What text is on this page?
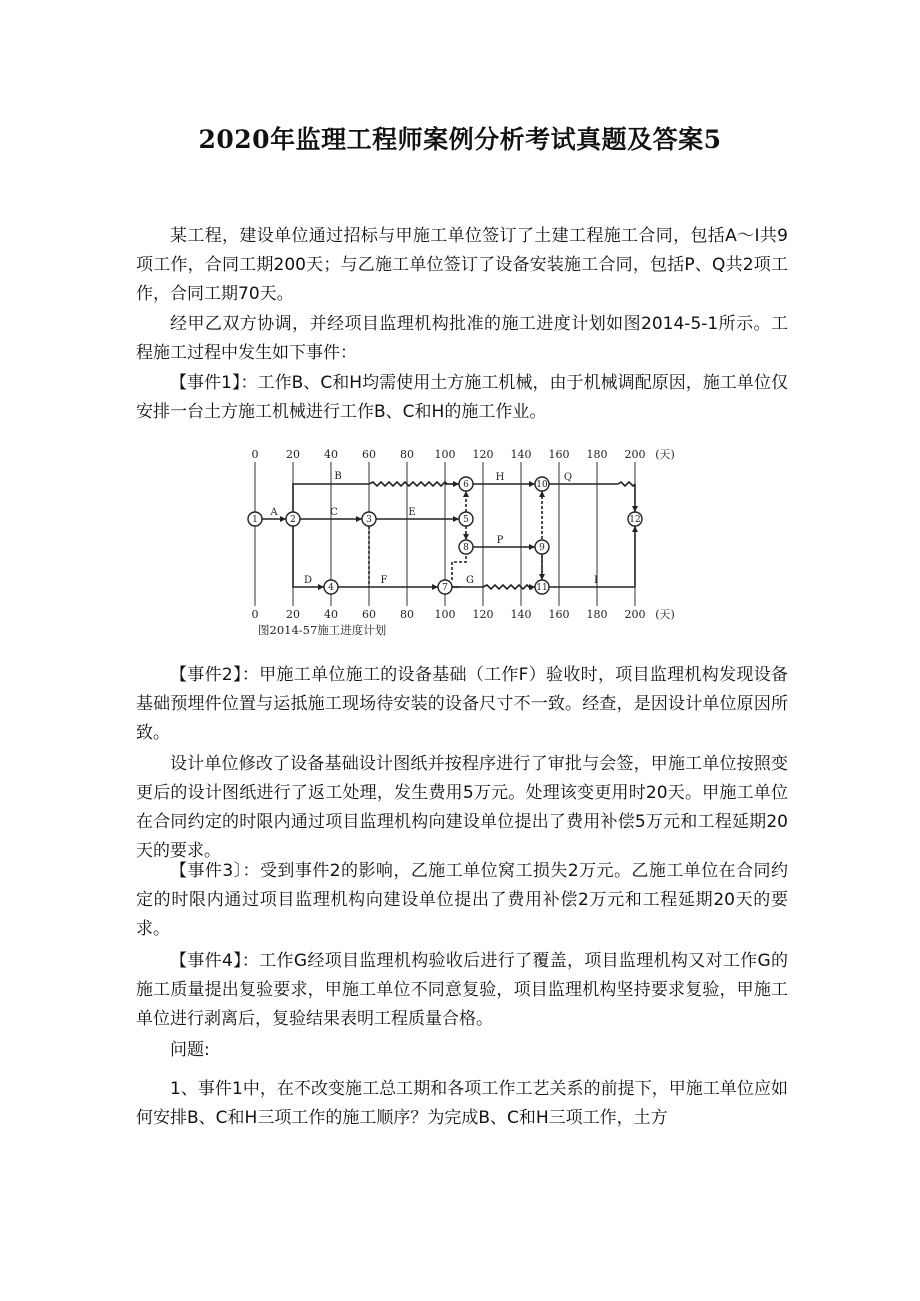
2020年监理工程师案例分析考试真题及答案5

某工程，建设单位通过招标与甲施工单位签订了土建工程施工合同，包括A～I共9项工作，合同工期200天；与乙施工单位签订了设备安装施工合同，包括P、Q共2项工作，合同工期70天。

经甲乙双方协调，并经项目监理机构批准的施工进度计划如图2014-5-1所示。工程施工过程中发生如下事件：

【事件1】：工作B、C和H均需使用土方施工机械，由于机械调配原因，施工单位仅安排一台土方施工机械进行工作B、C和H的施工作业。

0	20 40 60 80 100 120 140 160 180 200 (天)
0	20 40 60 80 100 120 140 160 180 200 (天)
1	2	3
4
5
6
7
8	9
10
11
12
A
B
C
D
E
F	G
H
P
Q
I
图2014-57施工进度计划

【事件2】：甲施工单位施工的设备基础（工作F）验收时，项目监理机构发现设备基础预埋件位置与运抵施工现场待安装的设备尺寸不一致。经查，是因设计单位原因所致。

设计单位修改了设备基础设计图纸并按程序进行了审批与会签，甲施工单位按照变更后的设计图纸进行了返工处理，发生费用5万元。处理该变更用时20天。甲施工单位在合同约定的时限内通过项目监理机构向建设单位提出了费用补偿5万元和工程延期20天的要求。

【事件3〕：受到事件2的影响，乙施工单位窝工损失2万元。乙施工单位在合同约定的时限内通过项目监理机构向建设单位提出了费用补偿2万元和工程延期20天的要求。

【事件4】：工作G经项目监理机构验收后进行了覆盖，项目监理机构又对工作G的施工质量提出复验要求，甲施工单位不同意复验，项目监理机构坚持要求复验，甲施工单位进行剥离后，复验结果表明工程质量合格。

问题:

1、事件1中，在不改变施工总工期和各项工作工艺关系的前提下，甲施工单位应如何安排B、C和H三项工作的施工顺序？为完成B、C和H三项工作，土方
